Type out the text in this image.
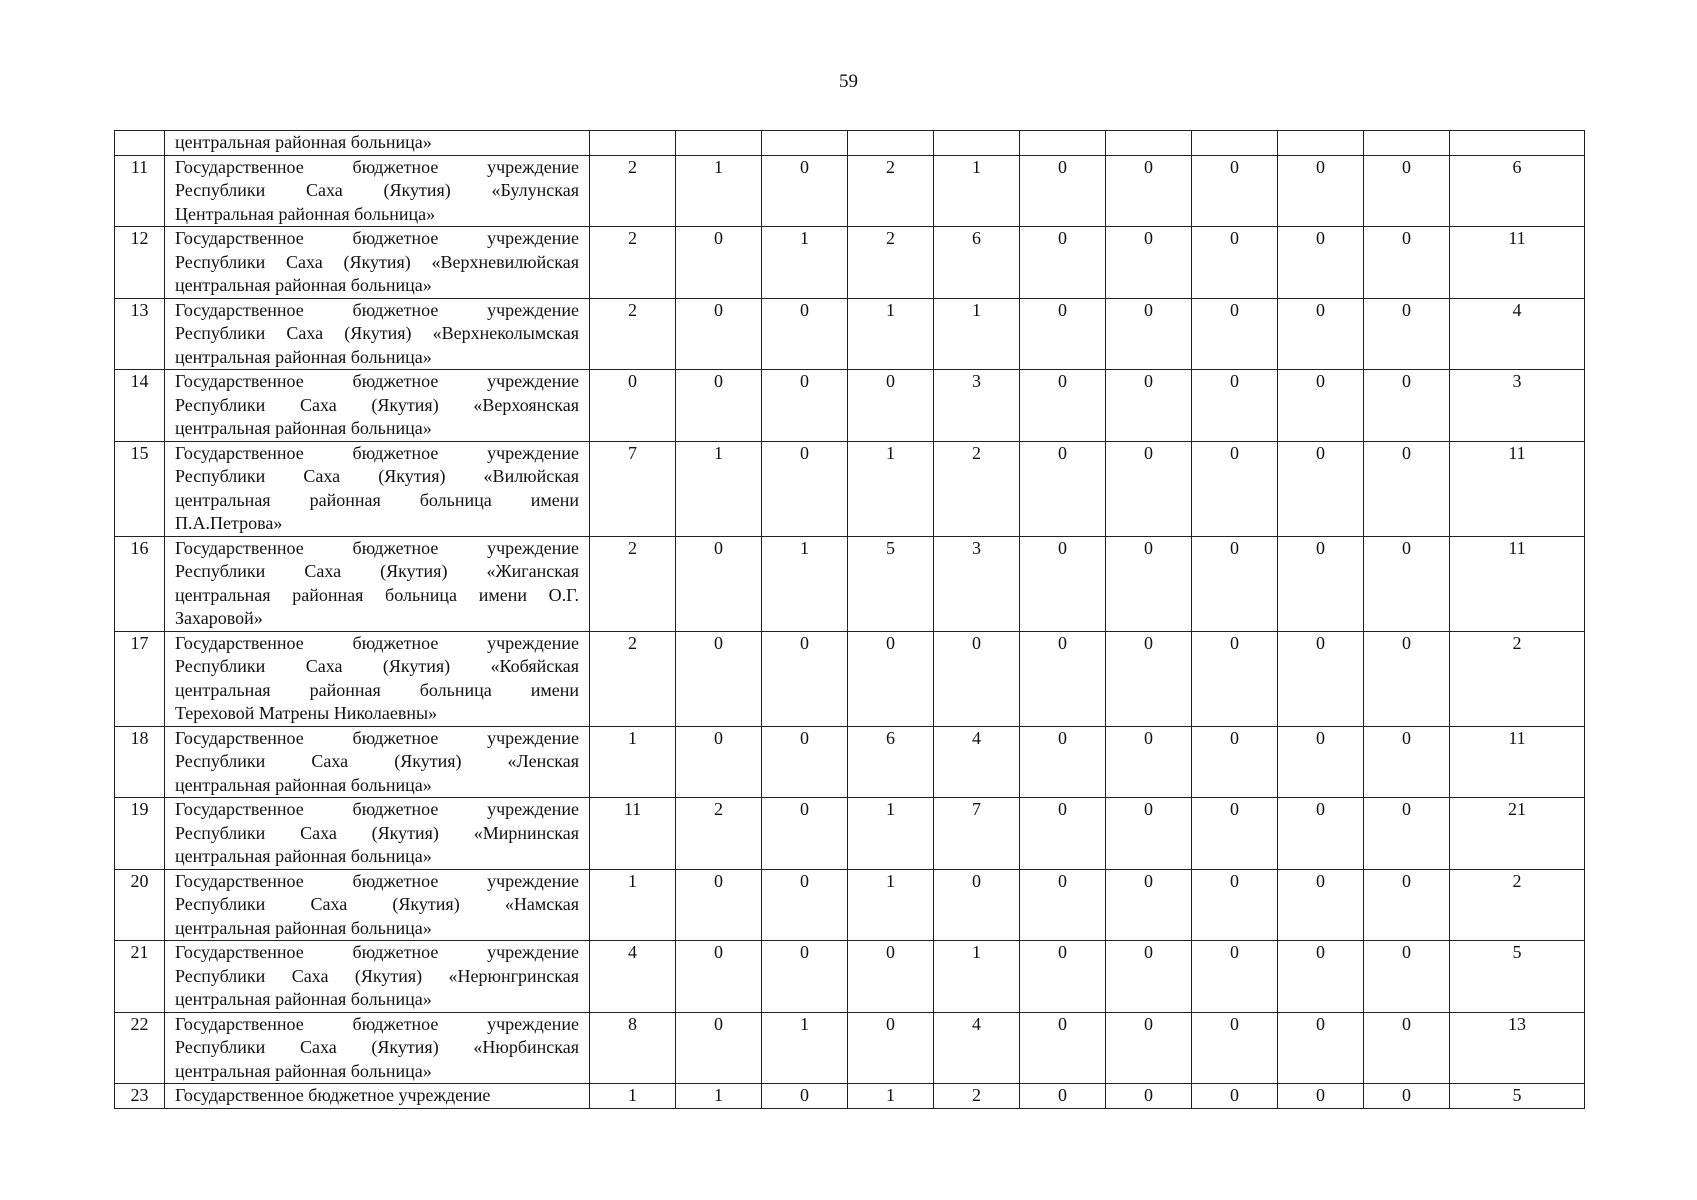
59

	центральная районная больница»											

11	Государственное бюджетное учреждение
Республики Саха (Якутия) «Булунская
Центральная районная больница»	2	1	0	2	1	0	0	0	0	0	6
12	Государственное бюджетное учреждение
Республики Саха (Якутия) «Верхневилюйская
центральная районная больница»	2	0	1	2	6	0	0	0	0	0	11
13	Государственное бюджетное учреждение
Республики Саха (Якутия) «Верхнеколымская
центральная районная больница»	2	0	0	1	1	0	0	0	0	0	4
14	Государственное бюджетное учреждение
Республики Саха (Якутия) «Верхоянская
центральная районная больница»	0	0	0	0	3	0	0	0	0	0	3
15	Государственное бюджетное учреждение
Республики Саха (Якутия) «Вилюйская
центральная районная больница имени
П.А.Петрова»	7	1	0	1	2	0	0	0	0	0	11
16	Государственное бюджетное учреждение
Республики Саха (Якутия) «Жиганская
центральная районная больница имени О.Г.
Захаровой»	2	0	1	5	3	0	0	0	0	0	11
17	Государственное бюджетное учреждение
Республики Саха (Якутия) «Кобяйская
центральная районная больница имени
Тереховой Матрены Николаевны»	2	0	0	0	0	0	0	0	0	0	2
18	Государственное бюджетное учреждение
Республики Саха (Якутия) «Ленская
центральная районная больница»	1	0	0	6	4	0	0	0	0	0	11
19	Государственное бюджетное учреждение
Республики Саха (Якутия) «Мирнинская
центральная районная больница»	11	2	0	1	7	0	0	0	0	0	21
20	Государственное бюджетное учреждение
Республики Саха (Якутия) «Намская
центральная районная больница»	1	0	0	1	0	0	0	0	0	0	2
21	Государственное бюджетное учреждение
Республики Саха (Якутия) «Нерюнгринская
центральная районная больница»	4	0	0	0	1	0	0	0	0	0	5
22	Государственное бюджетное учреждение
Республики Саха (Якутия) «Нюрбинская
центральная районная больница»	8	0	1	0	4	0	0	0	0	0	13
23	Государственное бюджетное учреждение	1	1	0	1	2	0	0	0	0	0	5
